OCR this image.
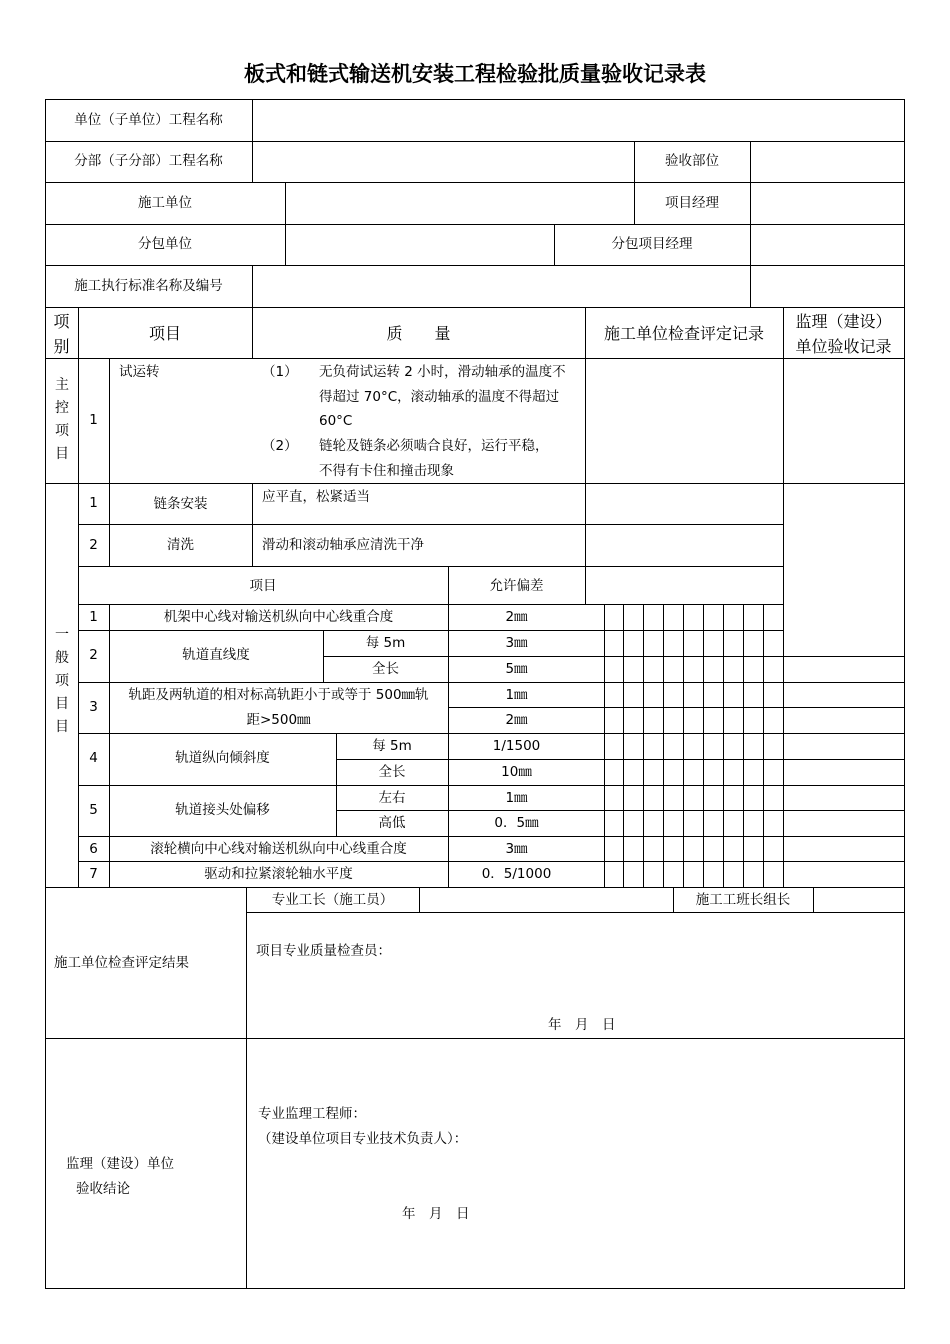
板式和链式输送机安装工程检验批质量验收记录表
单位（子单位）工程名称
分部（子分部）工程名称	验收部位
施工单位	项目经理
分包单位	分包项目经理
施工执行标准名称及编号
项
别
项目	质　　量	施工单位检查评定记录
监理（建设）
单位验收记录
主
控
项
目
1
试运转	（1） 无负荷试运转 2 小时，滑动轴承的温度不
得超过 70°C，滚动轴承的温度不得超过
60°C
（2） 链轮及链条必须啮合良好，运行平稳，
不得有卡住和撞击现象
一
般
项
目
目
1	链条安装	应平直，松紧适当
2	清洗	滑动和滚动轴承应清洗干净
项目	允许偏差
1	机架中心线对输送机纵向中心线重合度	2㎜
2	轨道直线度
每 5m	3㎜
全长	5㎜
3
轨距及两轨道的相对标高轨距小于或等于 500㎜轨	1㎜
距>500㎜	2㎜
4	轨道纵向倾斜度
每 5m	1/1500
全长	10㎜
5	轨道接头处偏移
左右	1㎜
高低	0．5㎜
6	滚轮横向中心线对输送机纵向中心线重合度	3㎜
7	驱动和拉紧滚轮轴水平度	0．5/1000
专业工长（施工员）	施工工班长组长
施工单位检查评定结果
项目专业质量检查员：
年　月　日
监理（建设）单位
验收结论
专业监理工程师：
（建设单位项目专业技术负责人）：
年　月　日
